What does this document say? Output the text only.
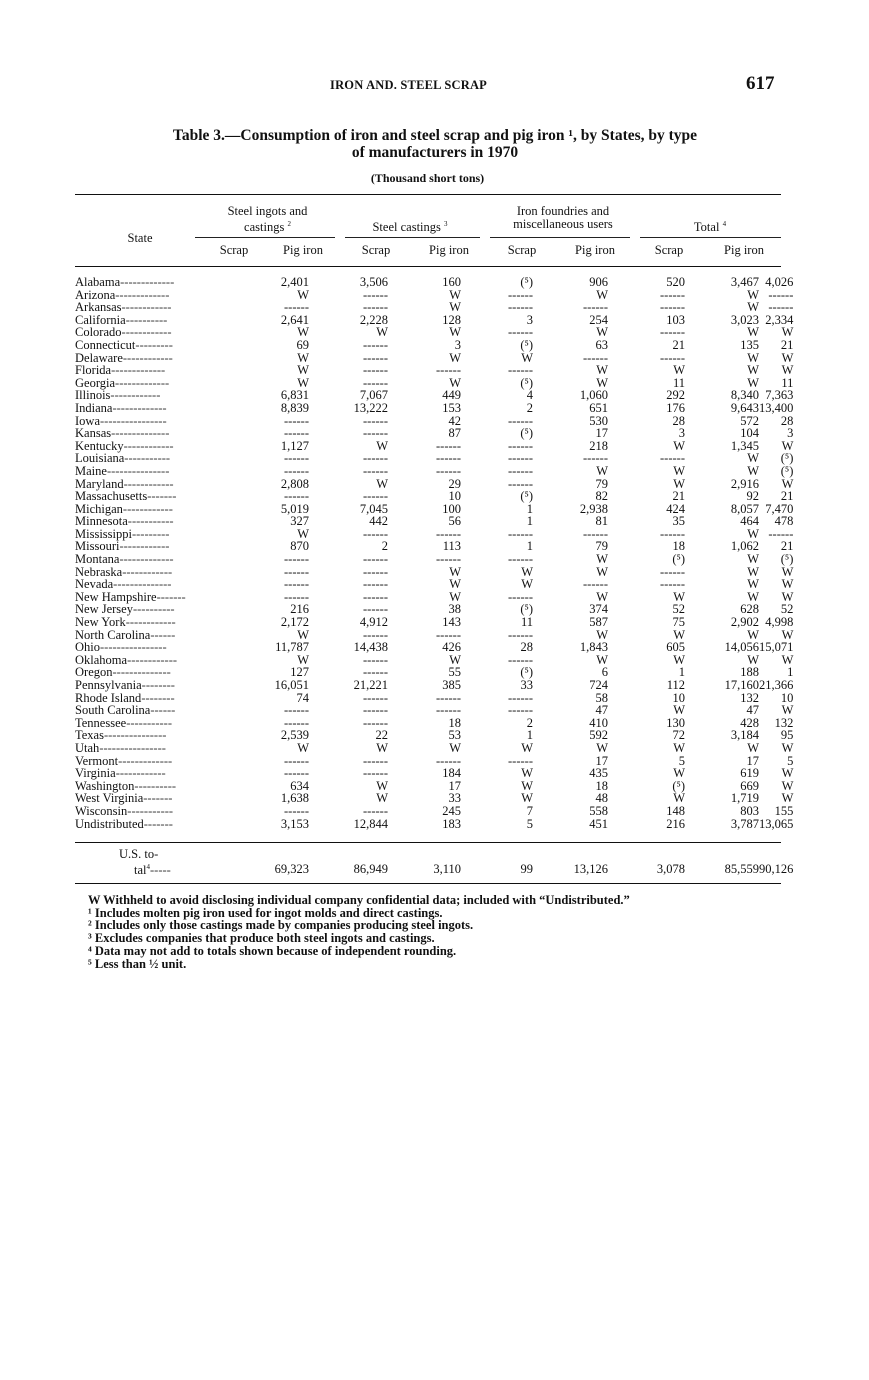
IRON AND. STEEL SCRAP	617
Table 3.—Consumption of iron and steel scrap and pig iron ¹, by States, by type
of manufacturers in 1970
(Thousand short tons)
State
Steel ingots and
castings $^2$	Steel castings $^3$
Iron foundries and
miscellaneous users	Total $^4$
Scrap	Pig iron	Scrap	Pig iron	Scrap	Pig iron	Scrap	Pig iron
Alabama-------------	2,401	3,506	160	(⁵)	906	520	3,467	4,026
Arizona-------------	W	------	W	------	W	------	W	------
Arkansas------------	------	------	W	------	------	------	W	------
California----------	2,641	2,228	128	3	254	103	3,023	2,334
Colorado------------	W	W	W	------	W	------	W	W
Connecticut---------	69	------	3	(⁵)	63	21	135	21
Delaware------------	W	------	W	W	------	------	W	W
Florida-------------	W	------	------	------	W	W	W	W
Georgia-------------	W	------	W	(⁵)	W	11	W	11
Illinois------------	6,831	7,067	449	4	1,060	292	8,340	7,363
Indiana-------------	8,839	13,222	153	2	651	176	9,643	13,400
Iowa----------------	------	------	42	------	530	28	572	28
Kansas--------------	------	------	87	(⁵)	17	3	104	3
Kentucky------------	1,127	W	------	------	218	W	1,345	W
Louisiana-----------	------	------	------	------	------	------	W	(⁵)
Maine---------------	------	------	------	------	W	W	W	(⁵)
Maryland------------	2,808	W	29	------	79	W	2,916	W
Massachusetts-------	------	------	10	(⁵)	82	21	92	21
Michigan------------	5,019	7,045	100	1	2,938	424	8,057	7,470
Minnesota-----------	327	442	56	1	81	35	464	478
Mississippi---------	W	------	------	------	------	------	W	------
Missouri------------	870	2	113	1	79	18	1,062	21
Montana-------------	------	------	------	------	W	(⁵)	W	(⁵)
Nebraska------------	------	------	W	W	W	------	W	W
Nevada--------------	------	------	W	W	------	------	W	W
New Hampshire-------	------	------	W	------	W	W	W	W
New Jersey----------	216	------	38	(⁵)	374	52	628	52
New York------------	2,172	4,912	143	11	587	75	2,902	4,998
North Carolina------	W	------	------	------	W	W	W	W
Ohio----------------	11,787	14,438	426	28	1,843	605	14,056	15,071
Oklahoma------------	W	------	W	------	W	W	W	W
Oregon--------------	127	------	55	(⁵)	6	1	188	1
Pennsylvania--------	16,051	21,221	385	33	724	112	17,160	21,366
Rhode Island--------	74	------	------	------	58	10	132	10
South Carolina------	------	------	------	------	47	W	47	W
Tennessee-----------	------	------	18	2	410	130	428	132
Texas---------------	2,539	22	53	1	592	72	3,184	95
Utah----------------	W	W	W	W	W	W	W	W
Vermont-------------	------	------	------	------	17	5	17	5
Virginia------------	------	------	184	W	435	W	619	W
Washington----------	634	W	17	W	18	(⁵)	669	W
West Virginia-------	1,638	W	33	W	48	W	1,719	W
Wisconsin-----------	------	------	245	7	558	148	803	155
Undistributed-------	3,153	12,844	183	5	451	216	3,787	13,065
U.S. to-
tal$^4$-----	69,323	86,949	3,110	99	13,126	3,078	85,559	90,126
W Withheld to avoid disclosing individual company confidential data; included with “Undistributed.”
¹ Includes molten pig iron used for ingot molds and direct castings.
² Includes only those castings made by companies producing steel ingots.
³ Excludes companies that produce both steel ingots and castings.
⁴ Data may not add to totals shown because of independent rounding.
⁵ Less than ½ unit.
